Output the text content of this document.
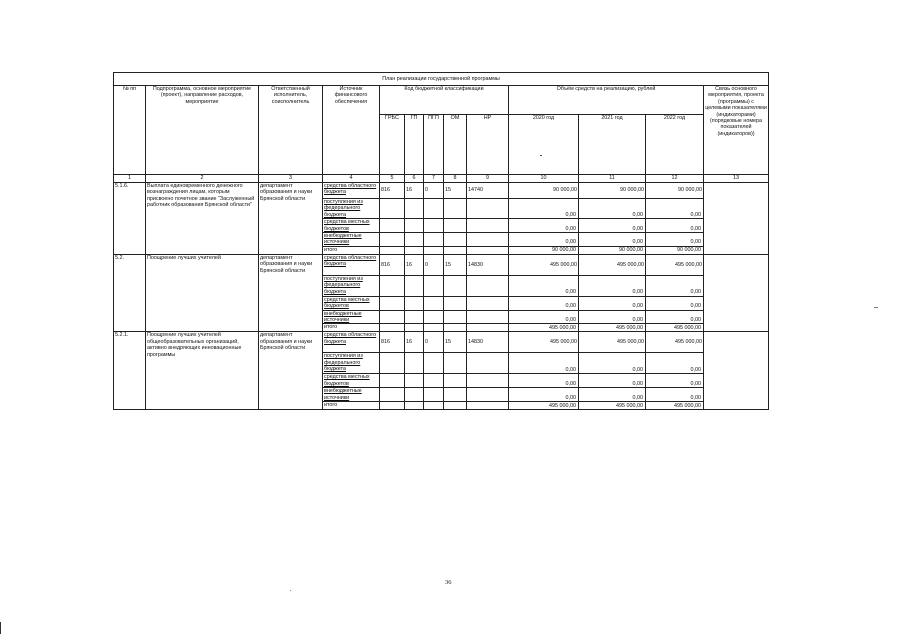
План реализации государственной программы												
№ пп	Подпрограмма, основное мероприятие (проект), направление расходов, мероприятие	Ответственный исполнитель, соисполнитель	Источник финансового обеспечения	Код бюджетной классификации					Объём средств на реализацию, рублей			Связь основного мероприятия, проекта (программы) с целевыми показателями (индикаторами) (порядковые номера показателей (индикаторов))
				ГРБС	ГП	ПГП	ОМ	НР	2020 год	2021 год	2022 год	
1	2	3	4	5	6	7	8	9	10	11	12	13
5.1.6.	Выплата единовременного денежного вознаграждения лицам, которым присвоено почетное звание "Заслуженный работник образования Брянской области"	департамент образования и науки Брянской области	средства областного бюджета	816	16	0	15	14740	90 000,00	90 000,00	90 000,00	
			поступления из федерального бюджета						0,00	0,00	0,00	
			средства местных бюджетов						0,00	0,00	0,00	
			внебюджетные источники						0,00	0,00	0,00	
			итого						90 000,00	90 000,00	90 000,00	
5.2.	Поощрение лучших учителей	департамент образования и науки Брянской области	средства областного бюджета	816	16	0	15	14830	495 000,00	495 000,00	495 000,00	
			поступления из федерального бюджета						0,00	0,00	0,00	
			средства местных бюджетов						0,00	0,00	0,00	
			внебюджетные источники						0,00	0,00	0,00	
			итого						495 000,00	495 000,00	495 000,00	
5.2.1.	Поощрение лучших учителей общеобразовательных организаций, активно внедряющих инновационные программы	департамент образования и науки Брянской области	средства областного бюджета	816	16	0	15	14830	495 000,00	495 000,00	495 000,00	
			поступления из федерального бюджета						0,00	0,00	0,00	
			средства местных бюджетов						0,00	0,00	0,00	
			внебюджетные источники						0,00	0,00	0,00	
			итого						495 000,00	495 000,00	495 000,00	
36
